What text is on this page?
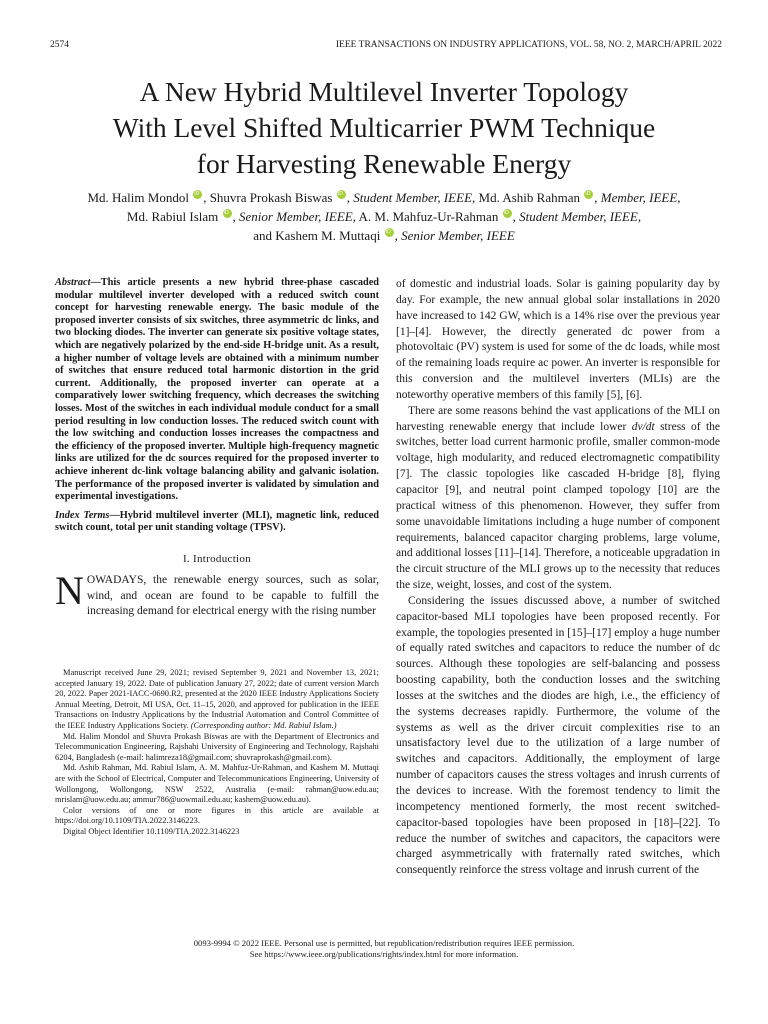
2574	IEEE TRANSACTIONS ON INDUSTRY APPLICATIONS, VOL. 58, NO. 2, MARCH/APRIL 2022
A New Hybrid Multilevel Inverter Topology
With Level Shifted Multicarrier PWM Technique
for Harvesting Renewable Energy
Md. Halim Mondol iD , Shuvra Prokash Biswas iD , Student Member, IEEE, Md. Ashib Rahman iD , Member, IEEE,
Md. Rabiul Islam iD , Senior Member, IEEE, A. M. Mahfuz-Ur-Rahman iD , Student Member, IEEE,
and Kashem M. Muttaqi iD , Senior Member, IEEE

Abstract—This article presents a new hybrid three-phase cascaded modular multilevel inverter developed with a reduced switch count concept for harvesting renewable energy. The basic module of the proposed inverter consists of six switches, three asymmetric dc links, and two blocking diodes. The inverter can generate six positive voltage states, which are negatively polarized by the end-side H-bridge unit. As a result, a higher number of voltage levels are obtained with a minimum number of switches that ensure reduced total harmonic distortion in the grid current. Additionally, the proposed inverter can operate at a comparatively lower switching frequency, which decreases the switching losses. Most of the switches in each individual module conduct for a small period resulting in low conduction losses. The reduced switch count with the low switching and conduction losses increases the compactness and the efficiency of the proposed inverter. Multiple high-frequency magnetic links are utilized for the dc sources required for the proposed inverter to achieve inherent dc-link voltage balancing ability and galvanic isolation. The performance of the proposed inverter is validated by simulation and experimental investigations.

Index Terms—Hybrid multilevel inverter (MLI), magnetic link, reduced switch count, total per unit standing voltage (TPSV).

I. Introduction

NOWADAYS, the renewable energy sources, such as solar, wind, and ocean are found to be capable to fulfill the increasing demand for electrical energy with the rising number

Manuscript received June 29, 2021; revised September 9, 2021 and November 13, 2021; accepted January 19, 2022. Date of publication January 27, 2022; date of current version March 20, 2022. Paper 2021-IACC-0690.R2, presented at the 2020 IEEE Industry Applications Society Annual Meeting, Detroit, MI USA, Oct. 11–15, 2020, and approved for publication in the IEEE Transactions on Industry Applications by the Industrial Automation and Control Committee of the IEEE Industry Applications Society. (Corresponding author: Md. Rabiul Islam.)

Md. Halim Mondol and Shuvra Prokash Biswas are with the Department of Electronics and Telecommunication Engineering, Rajshahi University of Engineering and Technology, Rajshahi 6204, Bangladesh (e-mail: halimreza18@gmail.com; shuvraprokash@gmail.com).

Md. Ashib Rahman, Md. Rabiul Islam, A. M. Mahfuz-Ur-Rahman, and Kashem M. Muttaqi are with the School of Electrical, Computer and Telecommunications Engineering, University of Wollongong, Wollongong, NSW 2522, Australia (e-mail: rahman@uow.edu.au; mrislam@uow.edu.au; ammur786@uowmail.edu.au; kashem@uow.edu.au).

Color versions of one or more figures in this article are available at https://doi.org/10.1109/TIA.2022.3146223.

Digital Object Identifier 10.1109/TIA.2022.3146223

of domestic and industrial loads. Solar is gaining popularity day by day. For example, the new annual global solar installations in 2020 have increased to 142 GW, which is a 14% rise over the previous year [1]–[4]. However, the directly generated dc power from a photovoltaic (PV) system is used for some of the dc loads, while most of the remaining loads require ac power. An inverter is responsible for this conversion and the multilevel inverters (MLIs) are the noteworthy operative members of this family [5], [6].

There are some reasons behind the vast applications of the MLI on harvesting renewable energy that include lower dv/dt stress of the switches, better load current harmonic profile, smaller common-mode voltage, high modularity, and reduced electromagnetic compatibility [7]. The classic topologies like cascaded H-bridge [8], flying capacitor [9], and neutral point clamped topology [10] are the practical witness of this phenomenon. However, they suffer from some unavoidable limitations including a huge number of component requirements, balanced capacitor charging problems, large volume, and additional losses [11]–[14]. Therefore, a noticeable upgradation in the circuit structure of the MLI grows up to the necessity that reduces the size, weight, losses, and cost of the system.

Considering the issues discussed above, a number of switched capacitor-based MLI topologies have been proposed recently. For example, the topologies presented in [15]–[17] employ a huge number of equally rated switches and capacitors to reduce the number of dc sources. Although these topologies are self-balancing and possess boosting capability, both the conduction losses and the switching losses at the switches and the diodes are high, i.e., the efficiency of the systems decreases rapidly. Furthermore, the volume of the systems as well as the driver circuit complexities rise to an unsatisfactory level due to the utilization of a large number of switches and capacitors. Additionally, the employment of large number of capacitors causes the stress voltages and inrush currents of the devices to increase. With the foremost tendency to limit the incompetency mentioned formerly, the most recent switched-capacitor-based topologies have been proposed in [18]–[22]. To reduce the number of switches and capacitors, the capacitors were charged asymmetrically with fraternally rated switches, which consequently reinforce the stress voltage and inrush current of the

0093-9994 © 2022 IEEE. Personal use is permitted, but republication/redistribution requires IEEE permission.
See https://www.ieee.org/publications/rights/index.html for more information.
